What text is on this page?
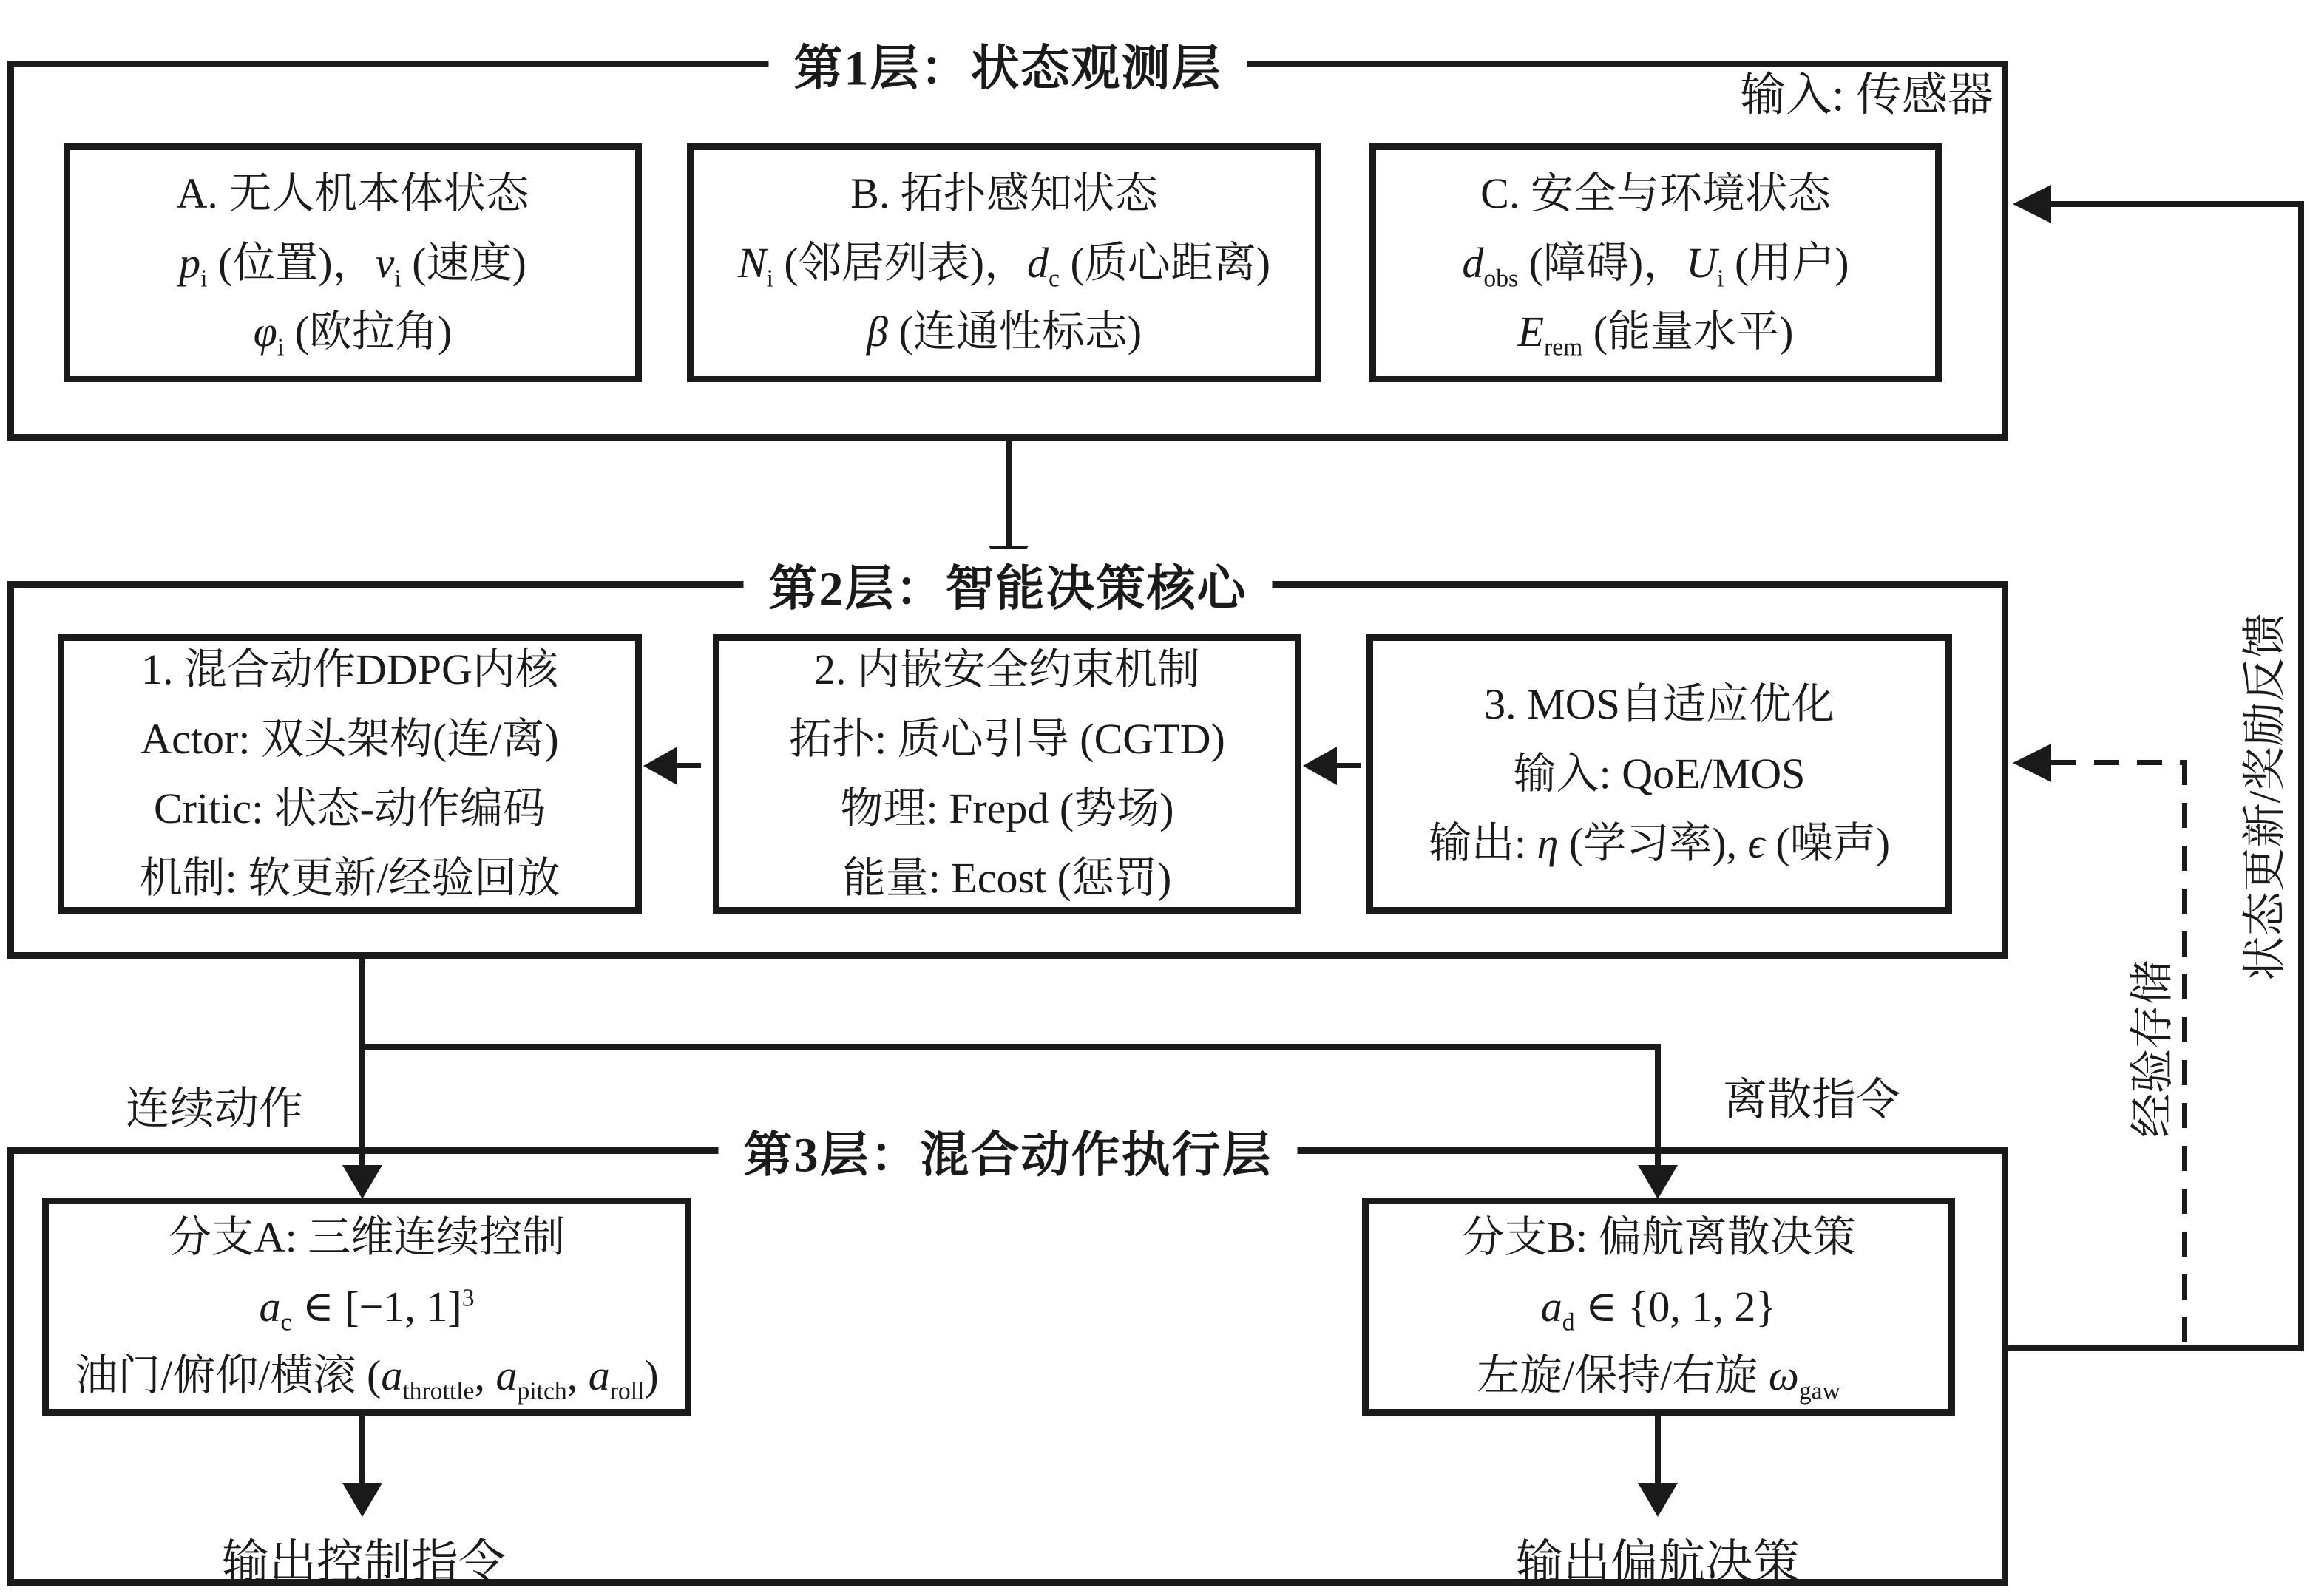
第1层：状态观测层	输入: 传感器
A. 无人机本体状态
$p_i$ (位置)，$v_i$ (速度)
$\varphi_i$ (欧拉角)
B. 拓扑感知状态
$N_i$ (邻居列表)，$d_c$ (质心距离)
β (连通性标志)
C. 安全与环境状态
$d_{obs}$ (障碍)，$U_i$ (用户)
$E_{rem}$ (能量水平)
第2层：智能决策核心
1. 混合动作DDPG内核
Actor: 双头架构(连/离)
Critic: 状态-动作编码
机制: 软更新/经验回放
2. 内嵌安全约束机制
拓扑: 质心引导 (CGTD)
物理: Frepd (势场)
能量: Ecost (惩罚)
3. MOS自适应优化
输入: QoE/MOS
输出: η (学习率), ϵ (噪声)
连续动作	离散指令
第3层：混合动作执行层
分支A: 三维连续控制
$a_c$ ∈ [−1, 1]$^3$
油门/俯仰/横滚 ($a_{throttle}$, $a_{pitch}$, $a_{roll}$)
分支B: 偏航离散决策
$a_d$ ∈ {0, 1, 2}
左旋/保持/右旋 $\omega_{gaw}$
输出控制指令	输出偏航决策
状态更新/奖励反馈
经验存储
